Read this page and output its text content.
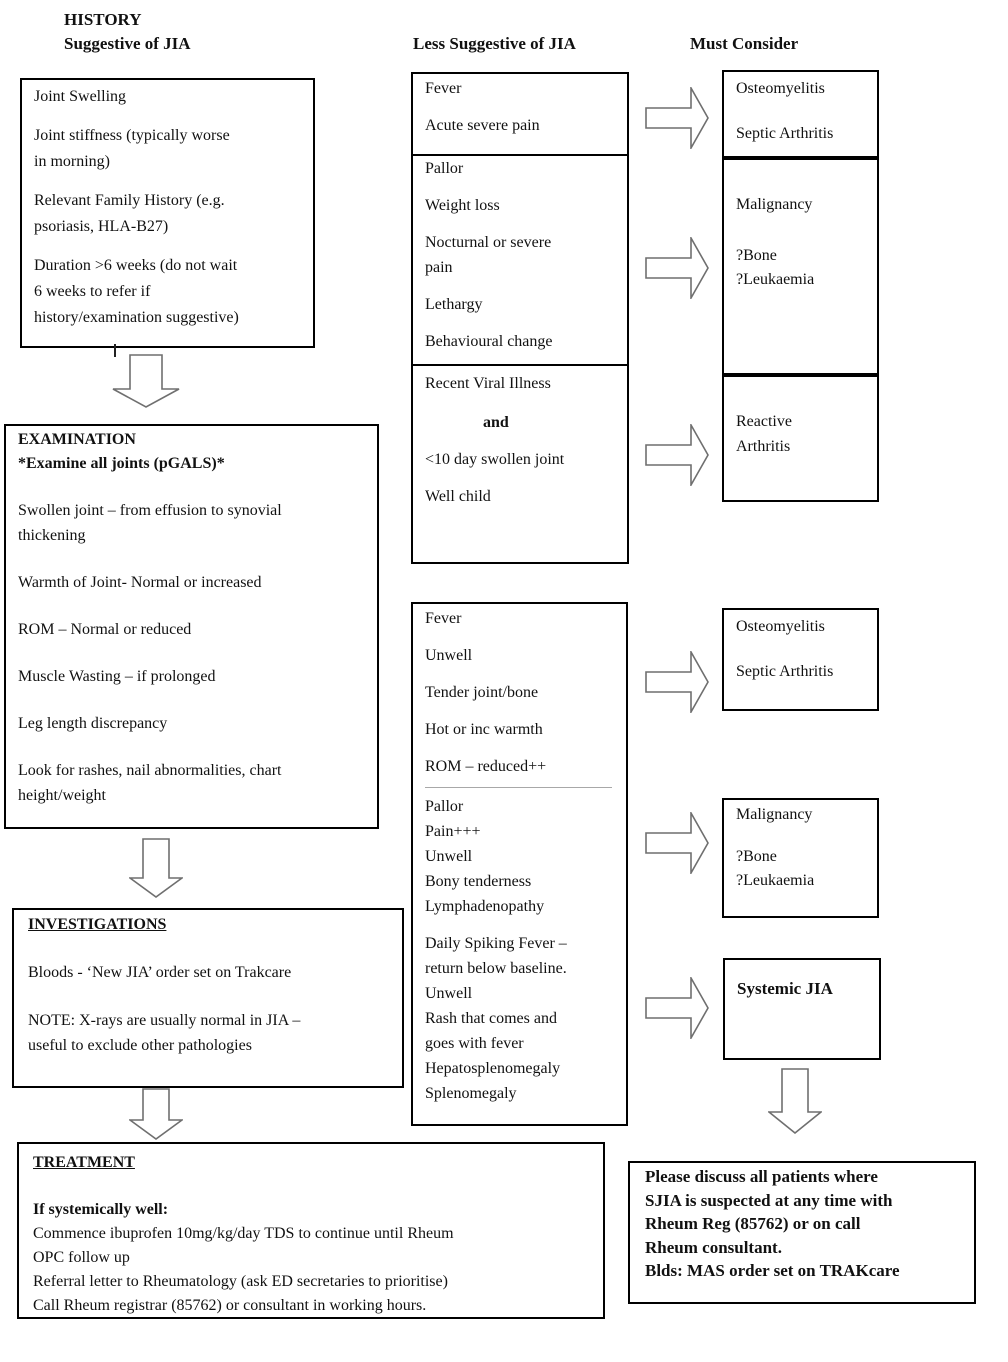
HISTORY
Suggestive of JIA	Less Suggestive of JIA	Must Consider

Joint Swelling

Joint stiffness (typically worse
in morning)

Relevant Family History (e.g.
psoriasis, HLA-B27)

Duration >6 weeks (do not wait
6 weeks to refer if
history/examination suggestive)

EXAMINATION
*Examine all joints (pGALS)*

Swollen joint – from effusion to synovial
thickening

Warmth of Joint- Normal or increased

ROM – Normal or reduced

Muscle Wasting – if prolonged

Leg length discrepancy

Look for rashes, nail abnormalities, chart
height/weight

INVESTIGATIONS

Bloods - ‘New JIA’ order set on Trakcare

NOTE: X-rays are usually normal in JIA –
useful to exclude other pathologies

TREATMENT

If systemically well:

Commence ibuprofen 10mg/kg/day TDS to continue until Rheum
OPC follow up
Referral letter to Rheumatology (ask ED secretaries to prioritise)
Call Rheum registrar (85762) or consultant in working hours.

Fever

Acute severe pain

Pallor

Weight loss

Nocturnal or severe
pain

Lethargy

Behavioural change

Recent Viral Illness

and

<10 day swollen joint

Well child

Fever

Unwell

Tender joint/bone

Hot or inc warmth

ROM – reduced++

Pallor
Pain+++
Unwell
Bony tenderness
Lymphadenopathy
Daily Spiking Fever –
return below baseline.
Unwell
Rash that comes and
goes with fever
Hepatosplenomegaly
Splenomegaly

Osteomyelitis

Septic Arthritis

Malignancy

?Bone
?Leukaemia

Reactive
Arthritis

Osteomyelitis

Septic Arthritis

Malignancy

?Bone
?Leukaemia

Systemic JIA

Please discuss all patients where
SJIA is suspected at any time with
Rheum Reg (85762) or on call
Rheum consultant.
Blds: MAS order set on TRAKcare
